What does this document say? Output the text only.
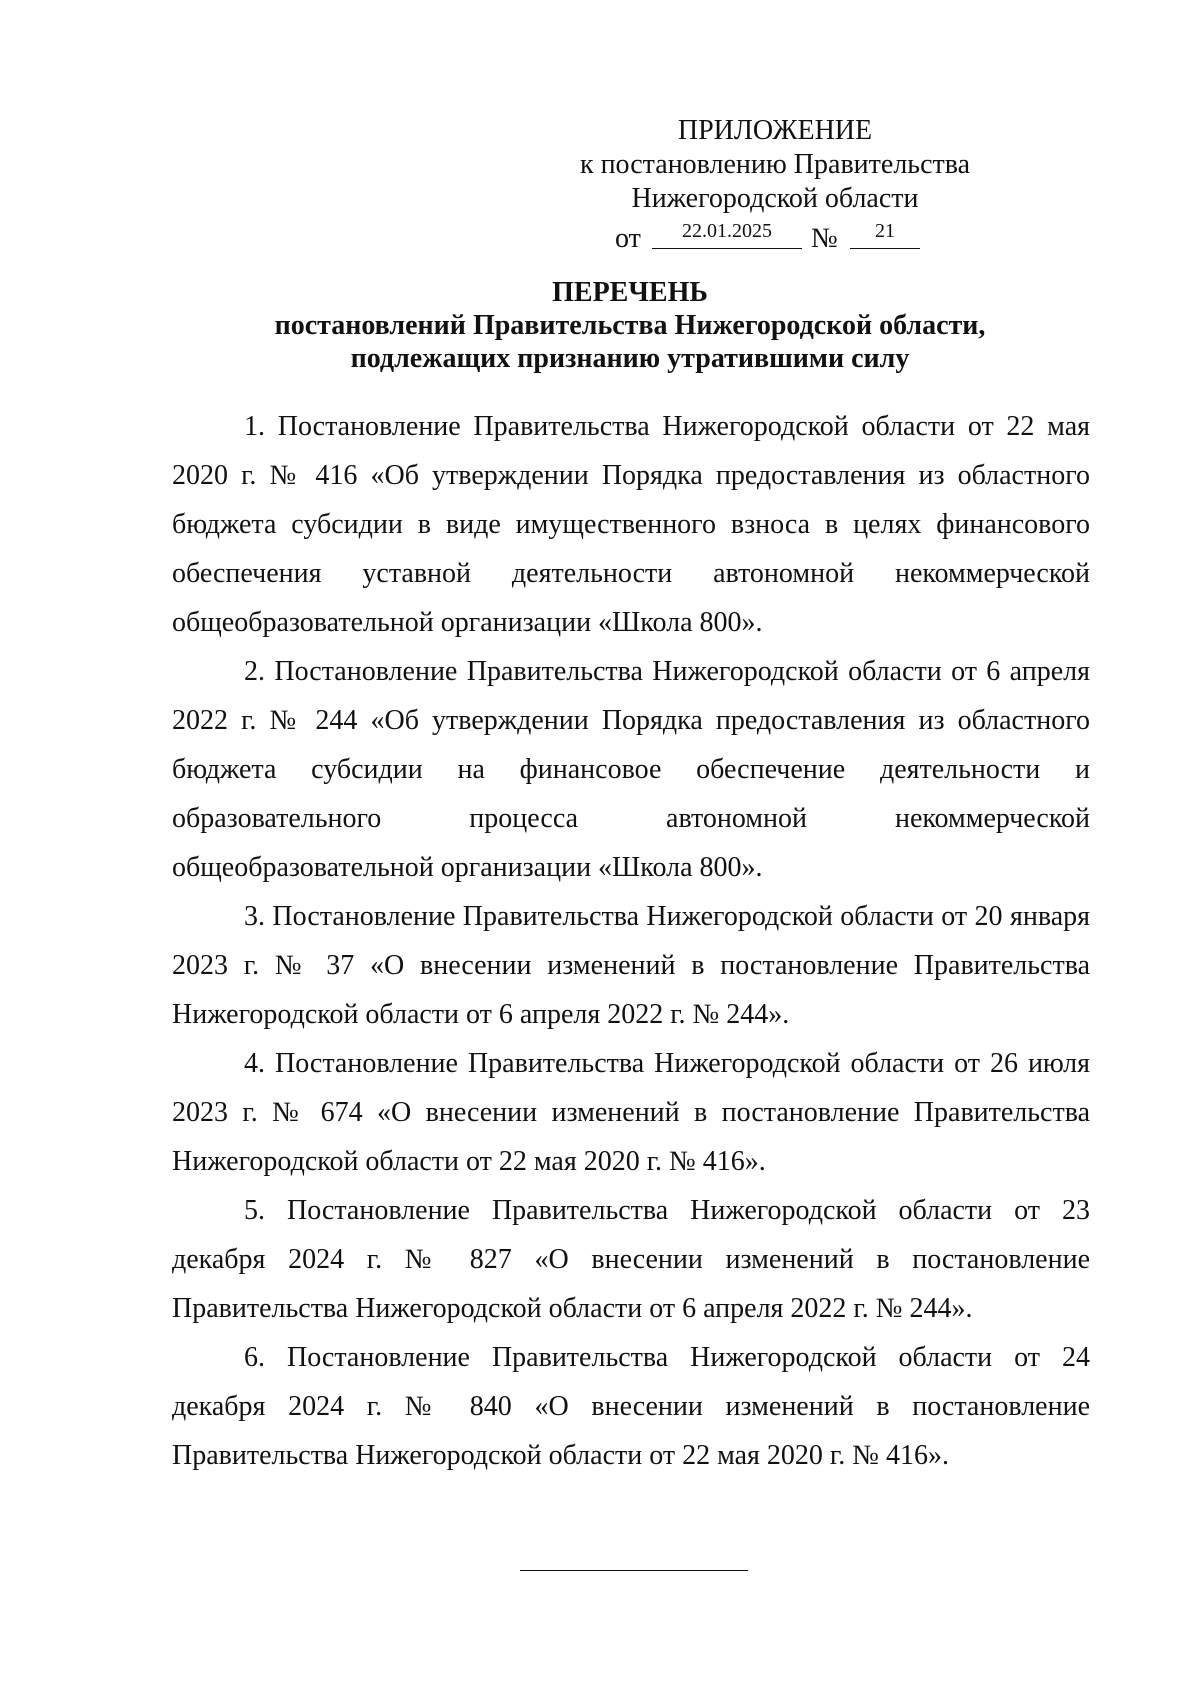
ПРИЛОЖЕНИЕ
к постановлению Правительства
Нижегородской области
от	22.01.2025	№	21
ПЕРЕЧЕНЬ
постановлений Правительства Нижегородской области,
подлежащих признанию утратившими силу

1. Постановление Правительства Нижегородской области от 22 мая 2020 г. № 416 «Об утверждении Порядка предоставления из областного бюджета субсидии в виде имущественного взноса в целях финансового обеспечения уставной деятельности автономной некоммерческой общеобразовательной организации «Школа 800».

2. Постановление Правительства Нижегородской области от 6 апреля 2022 г. № 244 «Об утверждении Порядка предоставления из областного бюджета субсидии на финансовое обеспечение деятельности и образовательного процесса автономной некоммерческой общеобразовательной организации «Школа 800».

3. Постановление Правительства Нижегородской области от 20 января 2023 г. № 37 «О внесении изменений в постановление Правительства Нижегородской области от 6 апреля 2022 г. № 244».

4. Постановление Правительства Нижегородской области от 26 июля 2023 г. № 674 «О внесении изменений в постановление Правительства Нижегородской области от 22 мая 2020 г. № 416».

5. Постановление Правительства Нижегородской области от 23 декабря 2024 г. № 827 «О внесении изменений в постановление Правительства Нижегородской области от 6 апреля 2022 г. № 244».

6. Постановление Правительства Нижегородской области от 24 декабря 2024 г. № 840 «О внесении изменений в постановление Правительства Нижегородской области от 22 мая 2020 г. № 416».
